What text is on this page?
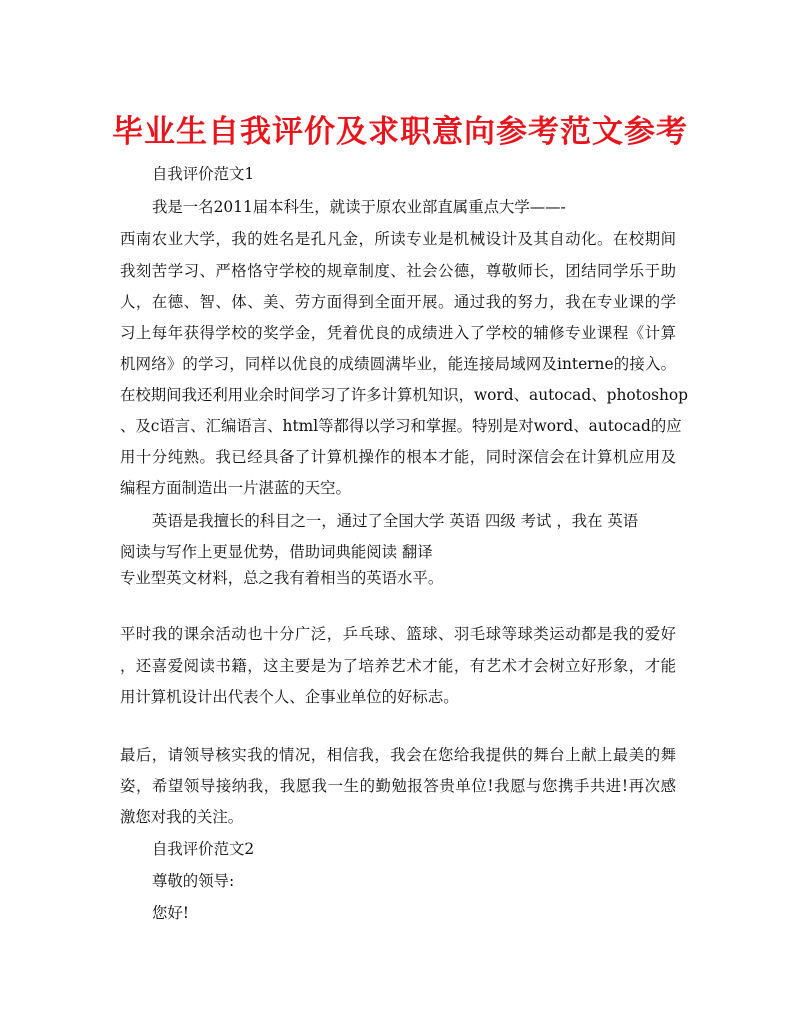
毕业生自我评价及求职意向参考范文参考
自我评价范文1
我是一名2011届本科生，就读于原农业部直属重点大学——-
西南农业大学，我的姓名是孔凡金，所读专业是机械设计及其自动化。在校期间
我刻苦学习、严格恪守学校的规章制度、社会公德，尊敬师长，团结同学乐于助
人，在德、智、体、美、劳方面得到全面开展。通过我的努力，我在专业课的学
习上每年获得学校的奖学金，凭着优良的成绩进入了学校的辅修专业课程《计算
机网络》的学习，同样以优良的成绩圆满毕业，能连接局域网及interne的接入。
在校期间我还利用业余时间学习了许多计算机知识，word、autocad、photoshop
、及c语言、汇编语言、html等都得以学习和掌握。特别是对word、autocad的应
用十分纯熟。我已经具备了计算机操作的根本才能，同时深信会在计算机应用及
编程方面制造出一片湛蓝的天空。
英语是我擅长的科目之一，通过了全国大学 英语 四级 考试 ，我在 英语
阅读与写作上更显优势，借助词典能阅读 翻译
专业型英文材料，总之我有着相当的英语水平。
平时我的课余活动也十分广泛，乒乓球、篮球、羽毛球等球类运动都是我的爱好
，还喜爱阅读书籍，这主要是为了培养艺术才能，有艺术才会树立好形象，才能
用计算机设计出代表个人、企事业单位的好标志。
最后，请领导核实我的情况，相信我，我会在您给我提供的舞台上献上最美的舞
姿，希望领导接纳我，我愿我一生的勤勉报答贵单位!我愿与您携手共进!再次感
激您对我的关注。
自我评价范文2
尊敬的领导:
您好!
